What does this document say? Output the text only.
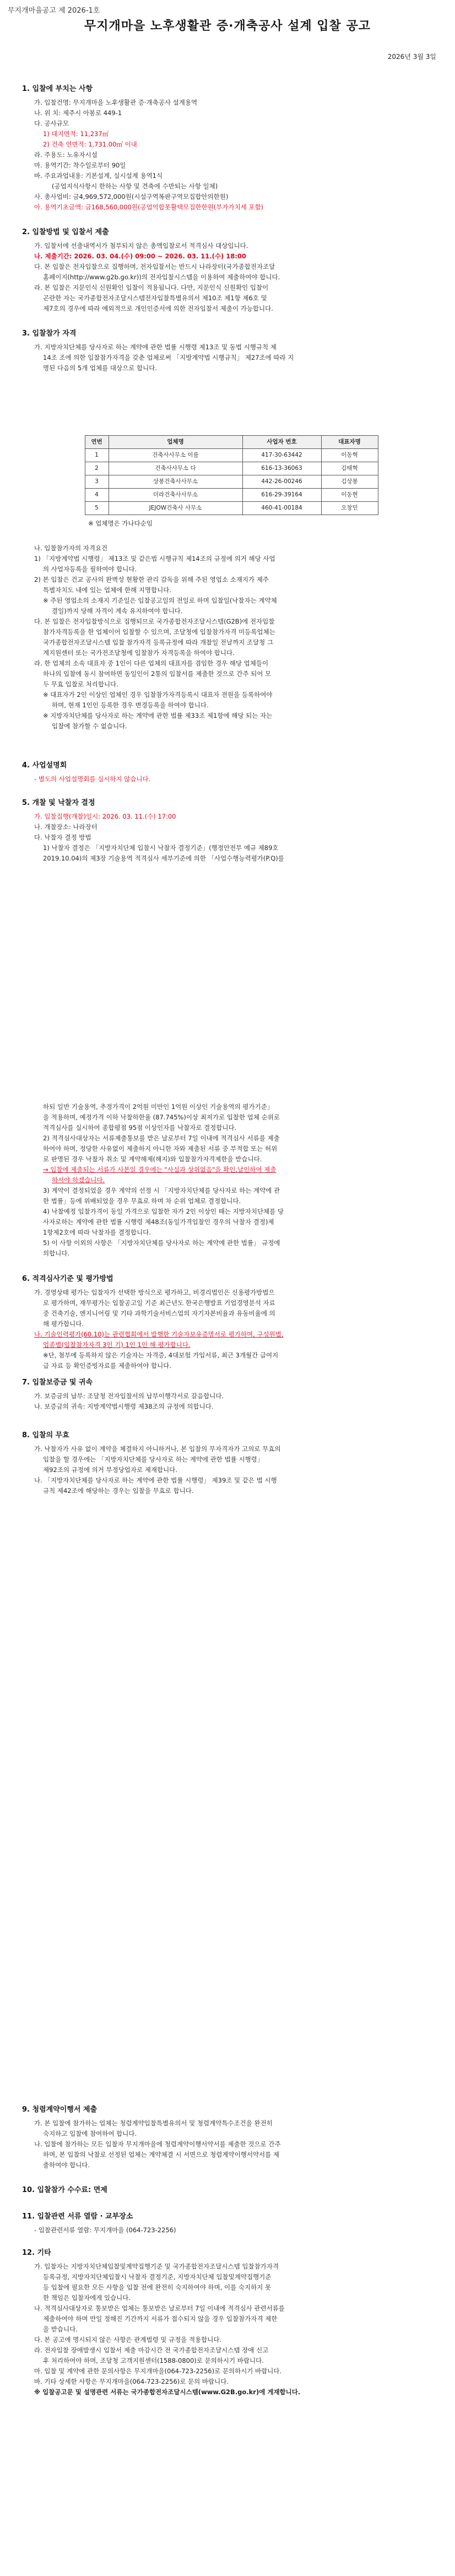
무지개마을공고 제 2026-1호
무지개마을 노후생활관 증·개축공사 설계 입찰 공고
2026년 3월 3일

1. 입찰에 부치는 사항

가. 입찰건명: 무지개마을 노후생활관 증·개축공사 설계용역

나. 위 치: 제주시 아봉로 449-1

다. 공사규모

1) 대지면적: 11,237㎡

2) 건축 연면적: 1,731.00㎡ 이내

라. 주용도: 노유자시설

마. 용역기간: 착수일로부터 90일

바. 주요과업내용: 기본설계, 실시설계 용역1식

(공업지식사항시 한하는 사항 및 견축에 수반되는 사항 일체)

사. 총사업비: 금4,969,572,000원(시설구역복판구역모집합안의한원)

아. 용역기초금액: 금168,560,000원(공업억합못활택모집한한원(부가가치세 포함)

2. 입찰방법 및 입찰서 제출

가. 입찰서에 선출내역서가 첨부되지 않은 총액입찰로서 적격심사 대상입니다.

나. 제출기간: 2026. 03. 04.(수) 09:00 ~ 2026. 03. 11.(수) 18:00

다. 본 입찰은 전자입찰으로 집행하며, 전자입찰서는 반드시 나라장터(국가종합전자조달

홈페이지(http://www.g2b.go.kr))의 전자입찰시스템을 이용하여 제출하여야 합니다.

라. 본 입찰은 지문인식 신원확인 입찰이 적용됩니다. 다만, 지문인식 신원확인 입찰이

곤란한 자는 국가종합전자조달시스템전자입찰특별유의서 제10조 제1항 제6호 및

제7호의 경우에 따라 예외적으로 개인인증서에 의한 전자입찰서 제출이 가능합니다.

3. 입찰참가 자격

가. 지방자치단체를 당사자로 하는 계약에 관한 법률 시행령 제13조 및 동법 시행규칙 제

14조 조에 의한 입찰참가자격을 갖춘 업체로써 「지방계약법 시행규칙」 제27조에 따라 지

명된 다음의 5개 업체를 대상으로 합니다.

연번	업체명	사업자 번호	대표자명
1	건축사사무소 이름	417-30-63442	이동혁
2	건축사사무소 다	616-13-36063	김태혁
3	상봉건축사사무소	442-26-00246	김상봉
4	더라건축사사무소	616-29-39164	이동현
5	JEJOW건축사 사무소	460-41-00184	오창민

※ 업체명은 가나다순임

나. 입찰참가자의 자격요건

1) 「지방계약법 시행령」 제13조 및 같은법 시행규칙 제14조의 규정에 의거 해당 사업

의 사업자등록을 필하여야 합니다.

2) 본 입찰은 건교 공사의 완벽성 현황한 관리 감독을 위해 주된 영업소 소재지가 제주

특별자치도 내에 있는 업체에 한해 지명합니다.

※ 주된 영업소의 소재지 기준일은 입찰공고일의 전일로 하며 입찰일(낙찰자는 계약체

결일)까지 당해 자격이 계속 유지하여야 합니다.

다. 본 입찰은 전자입찰방식으로 집행되므로 국가종합전자조달시스템(G2B)에 전자입찰

참가자격등록을 한 업체이어 입찰할 수 있으며, 조달청에 입찰참가자격 미등록업체는

국가종합전자조달시스템 입찰 참가자격 등록규정에 따라 개찰일 전날까지 조달청 그

계지원센터 또는 국가전조달청에 입찰참가 자격등록을 하여야 합니다.

라. 한 업체의 소속 대표자 중 1인이 다른 업체의 대표자를 겸임한 경우 해당 업체들이

하나의 입찰에 동시 참여하면 동일인이 2통의 입찰서를 제출한 것으로 간주 되어 모

두 무효 입찰로 처리합니다.

※ 대표자가 2인 이상인 업체인 경우 입찰참가자격등록시 대표자 전원을 등록하여야

하며, 현재 1인인 등록한 경우 변경등록을 하여야 합니다.

※ 지방자치단체를 당사자로 하는 계약에 관한 법률 제33조 제1항에 해당 되는 자는

입찰에 참가할 수 없습니다.

4. 사업설명회

- 별도의 사업설명회를 실시하지 않습니다.

5. 개찰 및 낙찰자 결정

가. 입찰집행(개찰)일시: 2026. 03. 11.(수) 17:00

나. 개찰장소: 나라장터

다. 낙찰자 결정 방법

1) 낙찰자 결정은 「지방자치단체 입찰시 낙찰자 결정기준」(행정안전부 예규 제89호

2019.10.04)의 제3장 기술용역 적격심사 세부기준에 의한 「사업수행능력평가(P.Q)를

하되 일반 기술용역, 추정가격이 2억원 미만인 1억원 이상인 기술용역의 평가기준」

을 적용하며, 예정가격 이하 낙찰하한율 (87.745%)이상 최저가로 입찰한 업체 순위로

적격심사를 실시하여 종합평점 95점 이상인자를 낙찰자로 결정합니다.

2) 적격심사대상자는 서류제출통보를 받은 날로부터 7일 이내에 적격심사 서류를 제출

하여야 하며, 정당한 사유없이 제출하지 아니한 자와 제출된 서류 중 부적합 또는 허위

로 판명된 경우 낙찰자 취소 및 계약해제(해지)와 입찰참가자격제한을 받습니다.

→ 입찰에 제출되는 서류가 사본일 경우에는 "사실과 상위없음"을 확인,날인하여 제출

하셔야 하겠습니다.

3) 계약이 결정되었을 경우 계약의 선정 시 「지방자치단체를 당사자로 하는 계약에 관

한 법률」등에 위배되었을 경우 무효로 하며 차 순위 업체로 결정합니다.

4) 낙찰예정 입찰가격이 동일 가격으로 입찰한 자가 2인 이상인 때는 지방자치단체를 당

사자로하는 계약에 관한 법률 시행령 제48조(동일가격입찰인 경우의 낙찰자 결정)제

1항제2호에 따라 낙찰자를 결정합니다.

5) 이 사항 이외의 사항은 「지방자치단체를 당사자로 하는 계약에 관한 법률」 규정에

의합니다.

6. 적격심사기준 및 평가방법

가. 경영상태 평가는 입찰자가 선택한 방식으로 평가하고, 비경리법인은 신용평가방법으

로 평가하며, 재무평가는 입찰공고일 기준 최근년도 한국은행발표 기업경영분석 자료

중 건축기술, 엔지니어링 및 기타 과학기술서비스업의 자기자본비율과 유동비율에 의

해 평가합니다.

나. 기술인력평가(60.10)는 관련협회에서 발행한 기술자보유증명서로 평가하며, 구성원별,

업종별(입찰참가자격 3인 기) 1인 1인 해 평가합니다.

※단, 첨부에 등록하지 않은 기술자는 자격증, 4대보험 가입서류, 최근 3개월간 급여지

급 자료 등 확인증빙자료를 제출하여야 합니다.

7. 입찰보증금 및 귀속

가. 보증금의 납부: 조달청 전자입찰서의 납부이행각서로 갈음합니다.

나. 보증금의 귀속: 지방계약법시행령 제38조의 규정에 의합니다.

8. 입찰의 무효

가. 낙찰자가 사유 없이 계약을 체결하지 아니하거나, 본 입찰의 무자격자가 고의로 무효의

입찰을 할 경우에는 「지방자치단체를 당사자로 하는 계약에 관한 법률 시행령」

제92조의 규정에 의거 부정당업자로 제재합니다.

나. 「지방자치단체를 당사자로 하는 계약에 관한 법률 시행령」 제39조 및 같은 법 시행

규칙 제42조에 해당하는 경우는 입찰을 무효로 합니다.

9. 청렴계약이행서 제출

가. 본 입찰에 참가하는 업체는 청렴계약입찰특별유의서 및 청렴계약특수조건을 완전히

숙지하고 입찰에 참여하여 합니다.

나. 입찰에 참가하는 모든 입찰자 무지개마을에 청렴계약이행서약서를 제출한 것으로 간주

하며, 본 입찰의 낙찰로 선정된 업체는 계약체결 시 서면으로 청렴계약이행서약서를 제

출하여야 합니다.

10. 입찰참가 수수료: 면제

11. 입찰관련 서류 열람 · 교부장소

- 입찰관련서류 열람: 무지개마을 (064-723-2256)

12. 기타

가. 입찰자는 지방자치단체입찰및계약집행기준 및 국가종합전자조달시스템 입찰참가자격

등록규정, 지방자치단체입찰시 낙찰자 결정기준, 지방자치단체 입찰및계약집행기준

등 입찰에 필요한 모든 사항을 입찰 전에 완전히 숙지하여야 하며, 이를 숙지하지 못

한 책임은 입찰자에게 있습니다.

나. 적격심사대상자로 통보받은 업체는 통보받은 날로부터 7일 이내에 적격심사 관련서류를

제출하여야 하며 만일 정해진 기간까지 서류가 접수되지 않을 경우 입찰참가자격 제한

을 받습니다.

다. 본 공고에 명시되지 않은 사항은 관계법령 및 규정을 적용합니다.

라. 전자입찰 장애발생시 입찰서 제출 마감시간 전 국가종합전자조달시스템 장애 신고

후 처리하여야 하며, 조달청 고객지원센터(1588-0800)로 문의하시기 바랍니다.

마. 입찰 및 계약에 관한 문의사항은 무지개마을(064-723-2256)로 문의하시기 바랍니다.

바. 기타 상세한 사항은 무지개마을(064-723-2256)로 문의 바랍니다.

※ 입찰공고문 및 설명관련 서류는 국가종합전자조달시스템(www.G2B.go.kr)에 게재합니다.
